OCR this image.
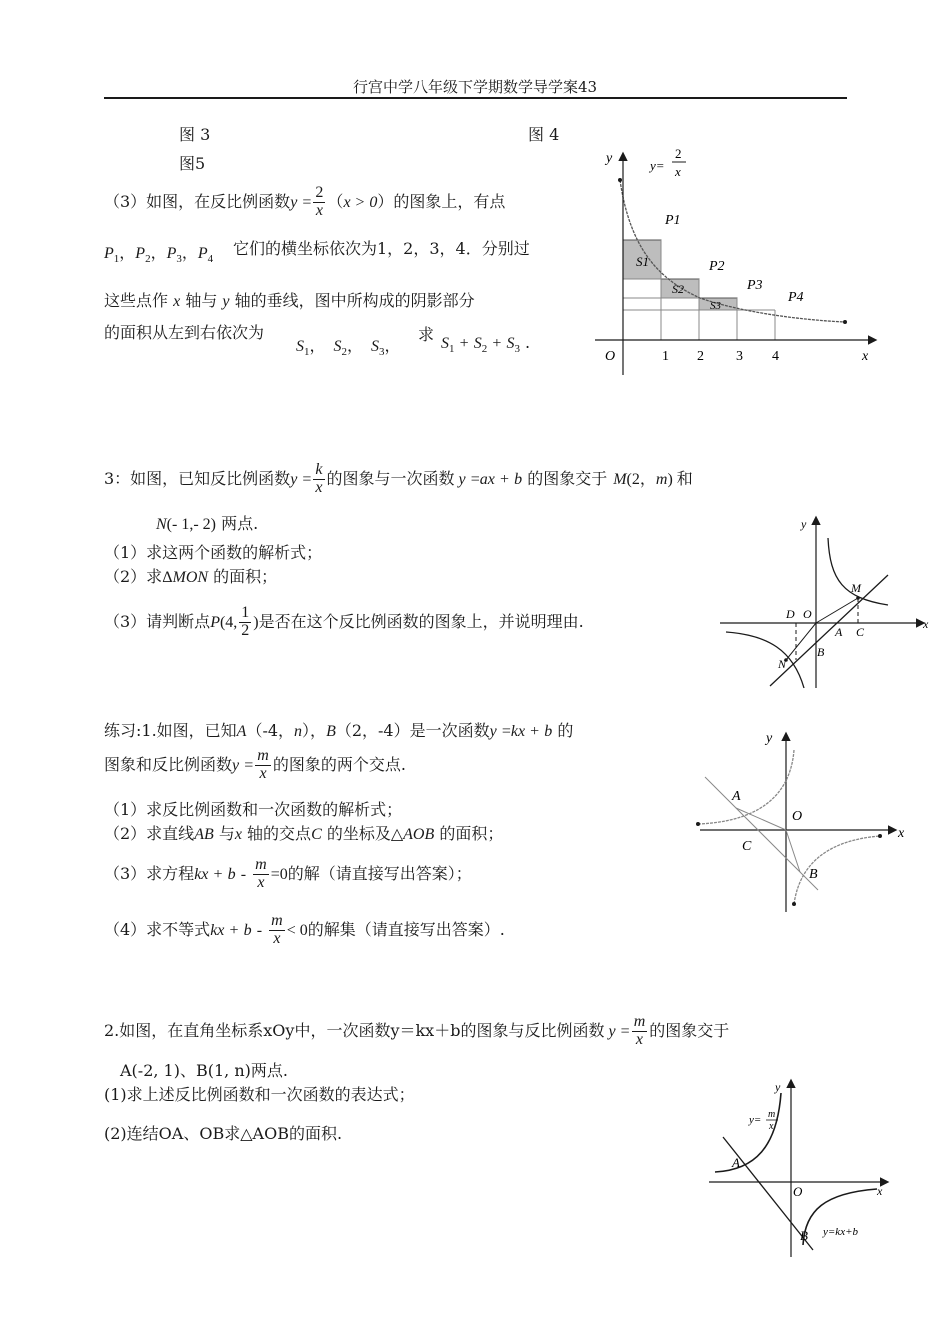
行宫中学八年级下学期数学导学案43
图 3	图 4
图5
（3）如图，在反比例函数$y = \frac{2}{x} (x > 0)$的图象上，有点
$P_1$，$P_2$，$P_3$，$P_4$
它们的横坐标依次为1，2，3，4．分别过
这些点作 x 轴与 y 轴的垂线，图中所构成的阴影部分
的面积从左到右依次为
$S_1$， $S_2$， $S_3$，
求 $S_1 + S_2 + S_3$ .
y
x
O
y=
2
x
1 2 3 4
P1
P2
P3
P4
S1
S2
S3
3：如图，已知反比例函数$y = \frac{k}{x}$ 的图象与一次函数 y =ax + b 的图象交于 M(2，m) 和
N(- 1,- 2) 两点.
（1）求这两个函数的解析式；
（2）求ΔMON 的面积；
（3）请判断点P(4, $\frac{1}{2}$ )是否在这个反比例函数的图象上，并说明理由.
y
x
D O
M
A C
N
B
练习:1.如图，已知A（-4，n），B（2，-4）是一次函数y =kx + b 的
图象和反比例函数$y = \frac{m}{x}$ 的图象的两个交点.
（1）求反比例函数和一次函数的解析式；
（2）求直线AB 与x 轴的交点C 的坐标及△AOB 的面积；
（3）求方程kx + $b - \frac{m}{x} =0$的解（请直接写出答案）；
（4）求不等式kx + $b - \frac{m}{x} < 0$的解集（请直接写出答案）.
y
x
A
O
C
B
2.如图，在直角坐标系xOy中，一次函数y＝kx＋b的图象与反比例函数 $y = \frac{m}{x}$ 的图象交于
A(-2, 1)、B(1, n)两点.
(1)求上述反比例函数和一次函数的表达式；
(2)连结OA、OB求△AOB的面积.
y
x
O
A
B
y= m
x
y=kx+b
